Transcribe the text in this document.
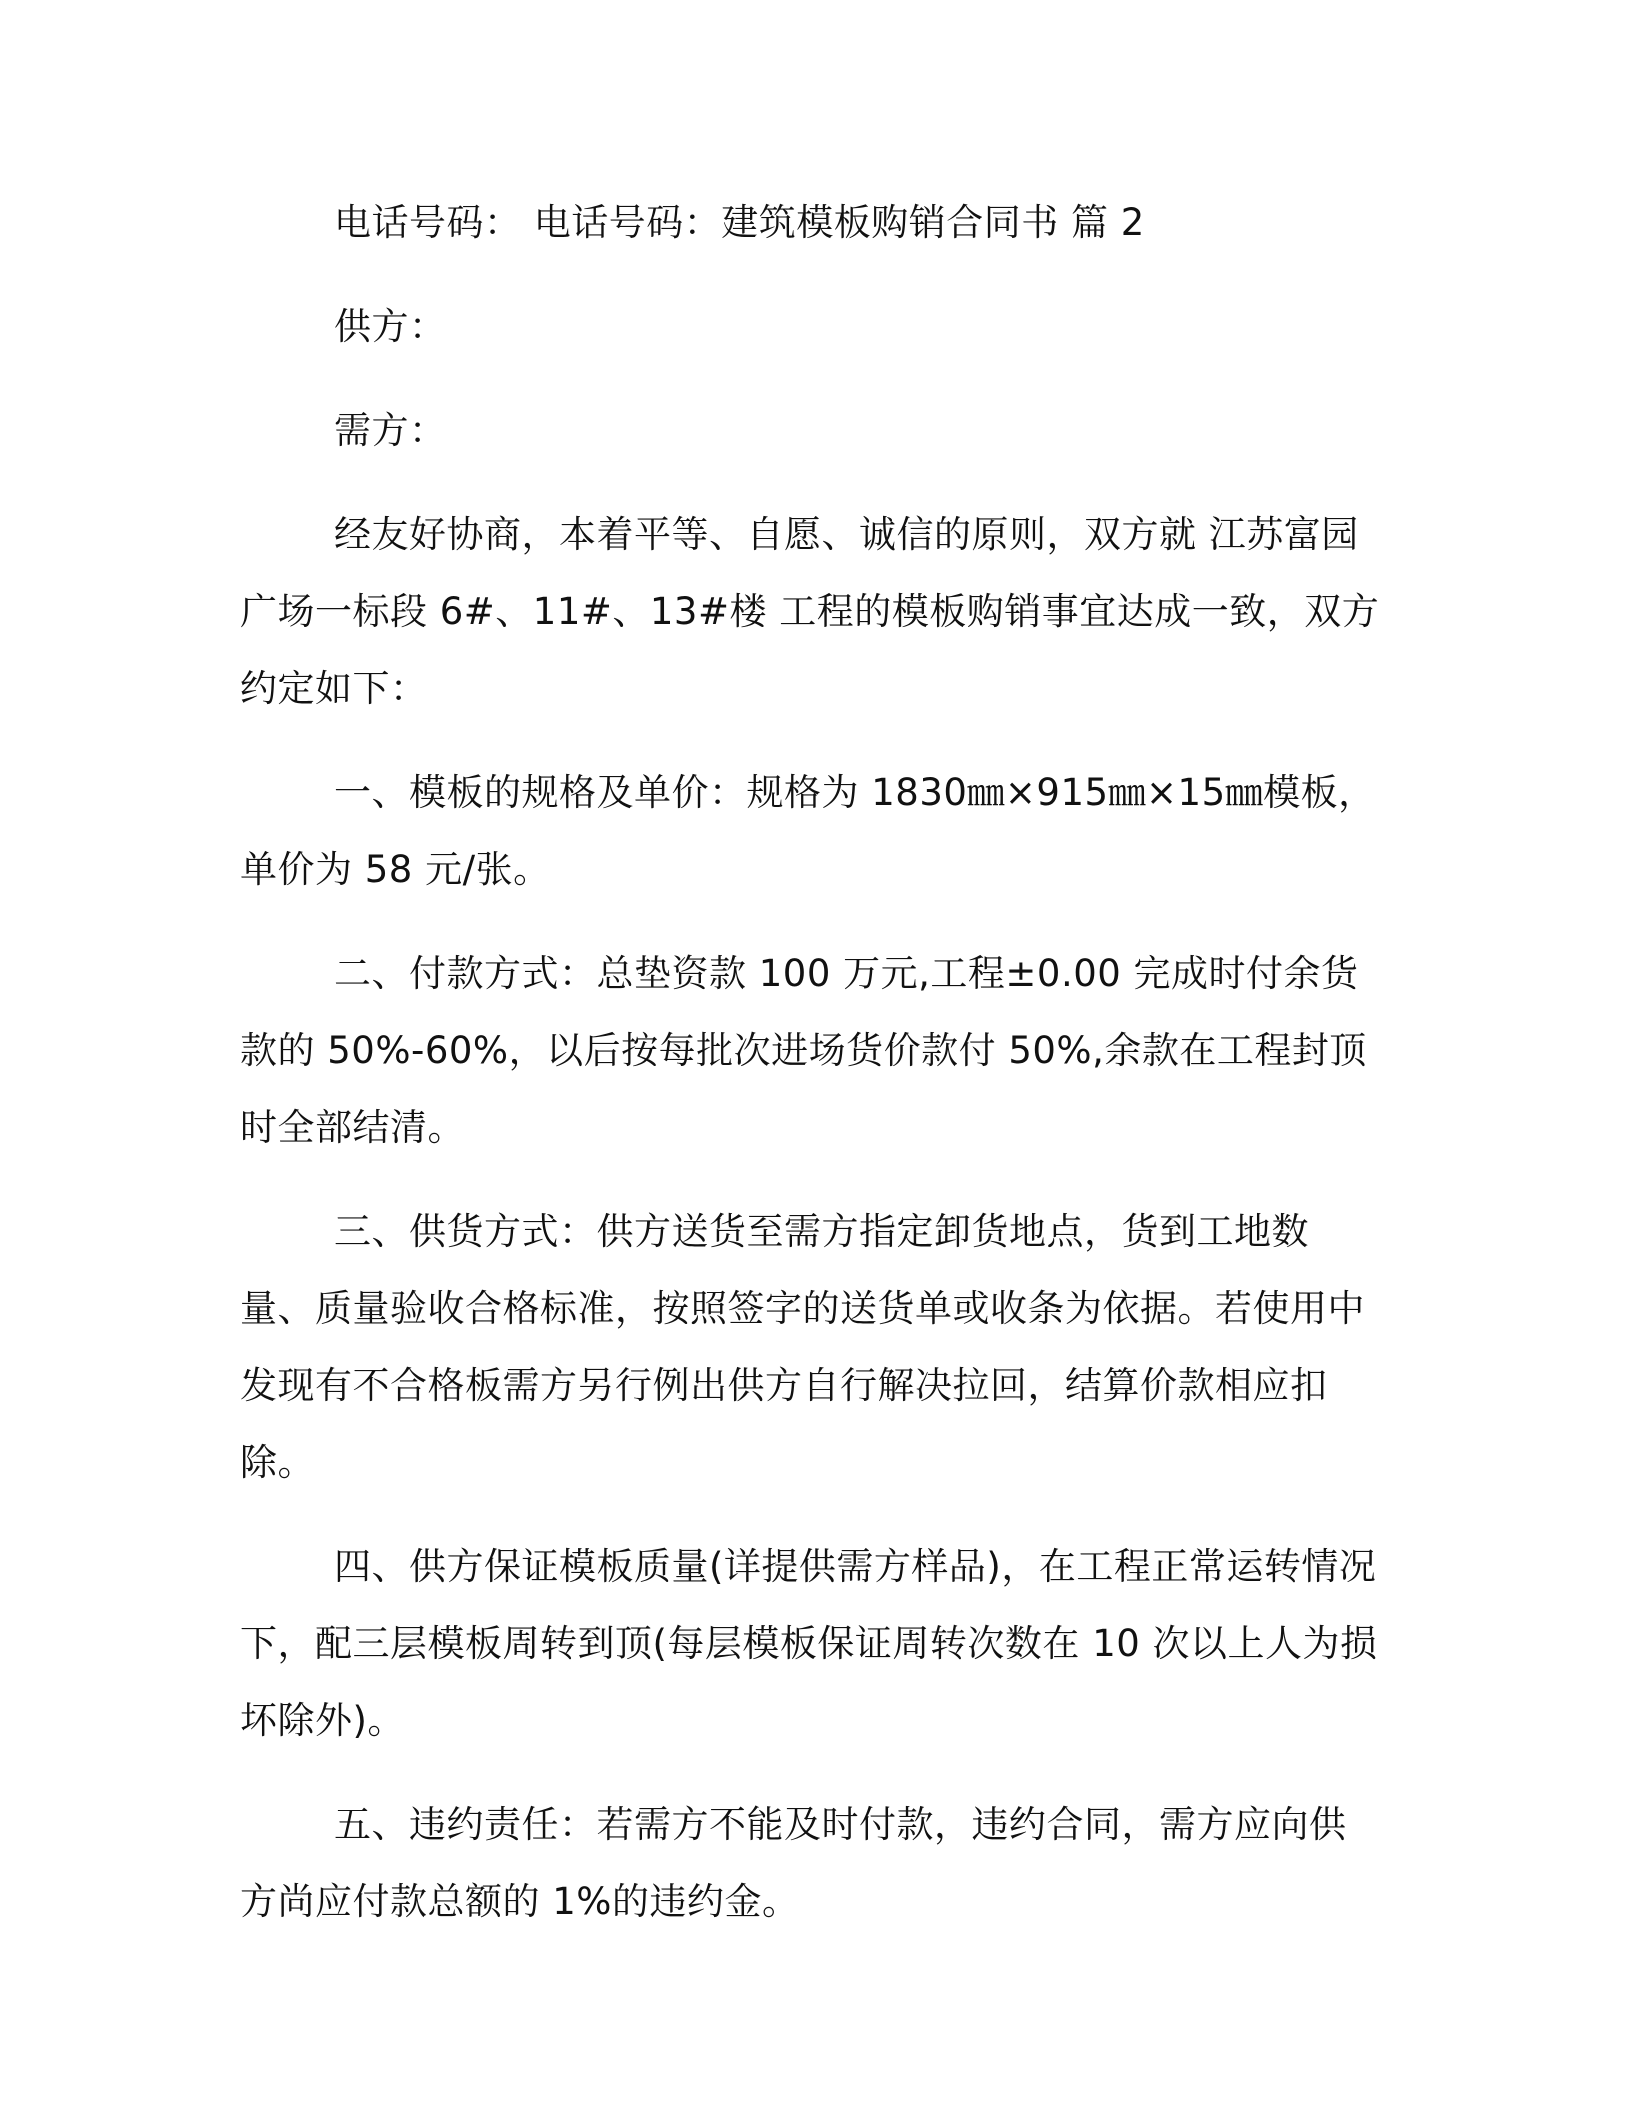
电话号码： 电话号码：建筑模板购销合同书 篇 2

供方：

需方：

经友好协商，本着平等、自愿、诚信的原则，双方就 江苏富园广场一标段 6#、11#、13#楼 工程的模板购销事宜达成一致，双方约定如下：

一、模板的规格及单价：规格为 1830㎜×915㎜×15㎜模板，单价为 58 元/张。

二、付款方式：总垫资款 100 万元,工程±0.00 完成时付余货款的 50%-60%，以后按每批次进场货价款付 50%,余款在工程封顶时全部结清。

三、供货方式：供方送货至需方指定卸货地点，货到工地数量、质量验收合格标准，按照签字的送货单或收条为依据。若使用中发现有不合格板需方另行例出供方自行解决拉回，结算价款相应扣除。

四、供方保证模板质量(详提供需方样品)，在工程正常运转情况下，配三层模板周转到顶(每层模板保证周转次数在 10 次以上人为损坏除外)。

五、违约责任：若需方不能及时付款，违约合同，需方应向供方尚应付款总额的 1%的违约金。
